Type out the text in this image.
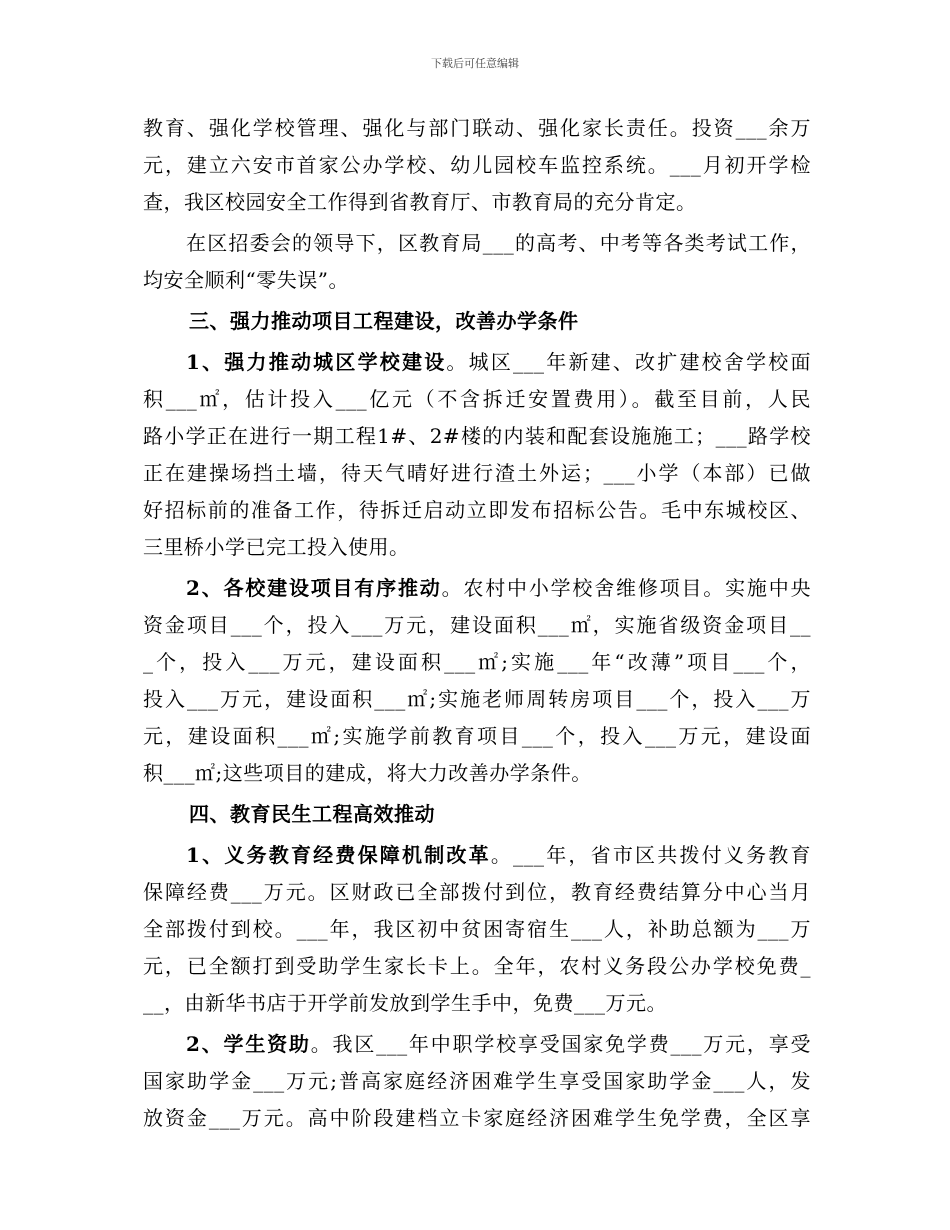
下载后可任意编辑
教育、强化学校管理、强化与部门联动、强化家长责任。投资___余万
元，建立六安市首家公办学校、幼儿园校车监控系统。___月初开学检
查，我区校园安全工作得到省教育厅、市教育局的充分肯定。
在区招委会的领导下，区教育局___的高考、中考等各类考试工作，
均安全顺利“零失误”。
三、强力推动项目工程建设，改善办学条件
1、强力推动城区学校建设。城区___年新建、改扩建校舍学校面
积___㎡，估计投入___亿元（不含拆迁安置费用）。截至目前，人民
路小学正在进行一期工程1#、2#楼的内装和配套设施施工；___路学校
正在建操场挡土墙，待天气晴好进行渣土外运；___小学（本部）已做
好招标前的准备工作，待拆迁启动立即发布招标公告。毛中东城校区、
三里桥小学已完工投入使用。
2、各校建设项目有序推动。农村中小学校舍维修项目。实施中央
资金项目___个，投入___万元，建设面积___㎡，实施省级资金项目__
_个，投入___万元，建设面积___㎡;实施___年“改薄”项目___个，
投入___万元，建设面积___㎡;实施老师周转房项目___个，投入___万
元，建设面积___㎡;实施学前教育项目___个，投入___万元，建设面
积___㎡;这些项目的建成，将大力改善办学条件。
四、教育民生工程高效推动
1、义务教育经费保障机制改革。___年，省市区共拨付义务教育
保障经费___万元。区财政已全部拨付到位，教育经费结算分中心当月
全部拨付到校。___年，我区初中贫困寄宿生___人，补助总额为___万
元，已全额打到受助学生家长卡上。全年，农村义务段公办学校免费_
__，由新华书店于开学前发放到学生手中，免费___万元。
2、学生资助。我区___年中职学校享受国家免学费___万元，享受
国家助学金___万元;普高家庭经济困难学生享受国家助学金___人，发
放资金___万元。高中阶段建档立卡家庭经济困难学生免学费，全区享
